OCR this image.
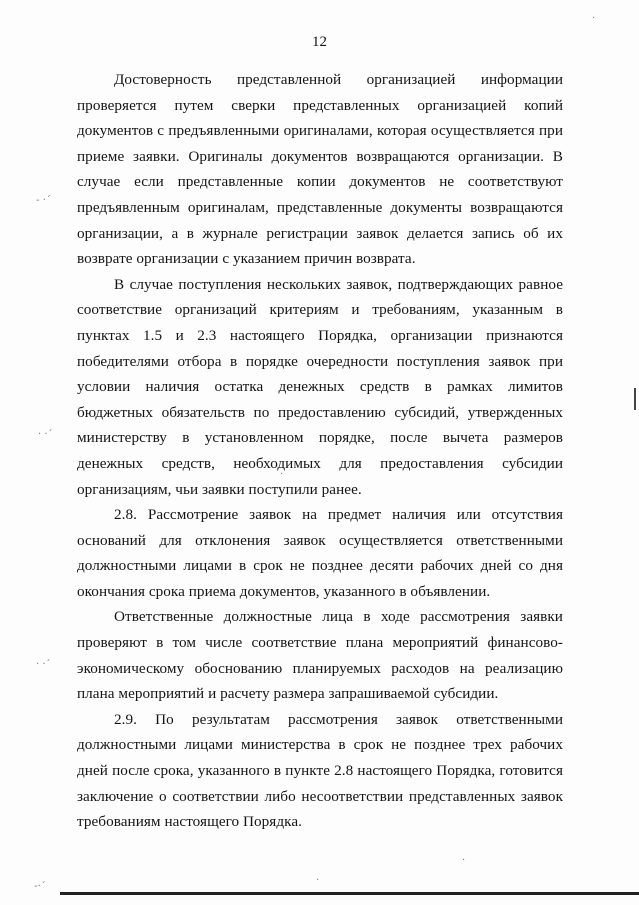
12

Достоверность представленной организацией информации проверяется путем сверки представленных организацией копий документов с предъявленными оригиналами, которая осуществляется при приеме заявки. Оригиналы документов возвращаются организации. В случае если представленные копии документов не соответствуют предъявленным оригиналам, представленные документы возвращаются организации, а в журнале регистрации заявок делается запись об их возврате организации с указанием причин возврата.

В случае поступления нескольких заявок, подтверждающих равное соответствие организаций критериям и требованиям, указанным в пунктах 1.5 и 2.3 настоящего Порядка, организации признаются победителями отбора в порядке очередности поступления заявок при условии наличия остатка денежных средств в рамках лимитов бюджетных обязательств по предоставлению субсидий, утвержденных министерству в установленном порядке, после вычета размеров денежных средств, необходимых для предоставления субсидии организациям, чьи заявки поступили ранее.

2.8. Рассмотрение заявок на предмет наличия или отсутствия оснований для отклонения заявок осуществляется ответственными должностными лицами в срок не позднее десяти рабочих дней со дня окончания срока приема документов, указанного в объявлении.

Ответственные должностные лица в ходе рассмотрения заявки проверяют в том числе соответствие плана мероприятий финансово-экономическому обоснованию планируемых расходов на реализацию плана мероприятий и расчету размера запрашиваемой субсидии.

2.9. По результатам рассмотрения заявок ответственными должностными лицами министерства в срок не позднее трех рабочих дней после срока, указанного в пункте 2.8 настоящего Порядка, готовится заключение о соответствии либо несоответствии представленных заявок требованиям настоящего Порядка.

- ·´
· ·´
· ·´
-·´
·
·
·
·
